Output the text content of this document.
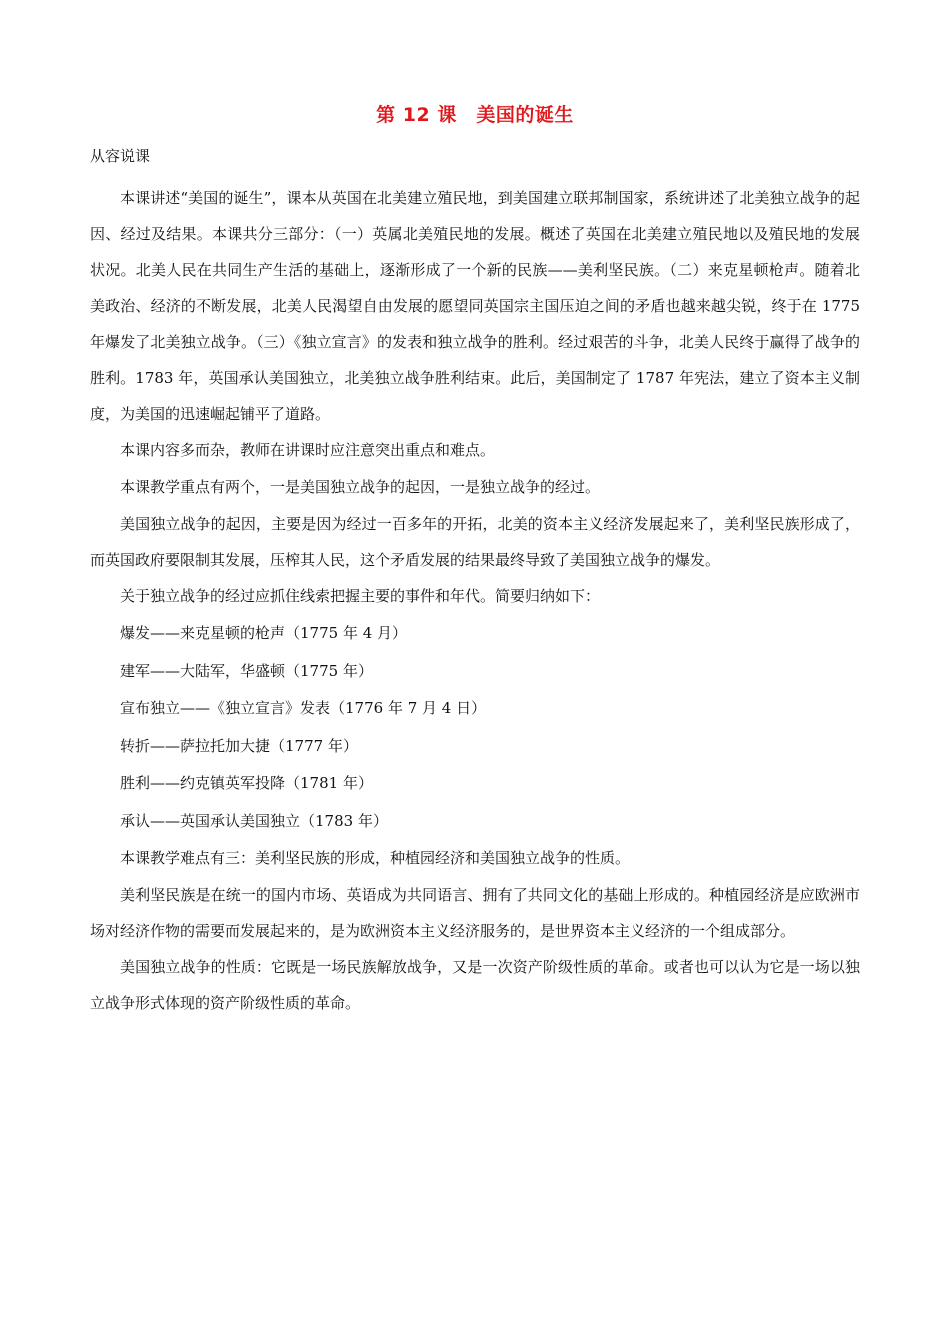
第 12 课　美国的诞生
从容说课

本课讲述“美国的诞生”，课本从英国在北美建立殖民地，到美国建立联邦制国家，系统讲述了北美独立战争的起因、经过及结果。本课共分三部分：（一）英属北美殖民地的发展。概述了英国在北美建立殖民地以及殖民地的发展状况。北美人民在共同生产生活的基础上，逐渐形成了一个新的民族——美利坚民族。（二）来克星顿枪声。随着北美政治、经济的不断发展，北美人民渴望自由发展的愿望同英国宗主国压迫之间的矛盾也越来越尖锐，终于在 1775 年爆发了北美独立战争。（三）《独立宣言》的发表和独立战争的胜利。经过艰苦的斗争，北美人民终于赢得了战争的胜利。1783 年，英国承认美国独立，北美独立战争胜利结束。此后，美国制定了 1787 年宪法，建立了资本主义制度，为美国的迅速崛起铺平了道路。

本课内容多而杂，教师在讲课时应注意突出重点和难点。

本课教学重点有两个，一是美国独立战争的起因，一是独立战争的经过。

美国独立战争的起因，主要是因为经过一百多年的开拓，北美的资本主义经济发展起来了，美利坚民族形成了，而英国政府要限制其发展，压榨其人民，这个矛盾发展的结果最终导致了美国独立战争的爆发。

关于独立战争的经过应抓住线索把握主要的事件和年代。简要归纳如下：

爆发——来克星顿的枪声（1775 年 4 月）

建军——大陆军，华盛顿（1775 年）

宣布独立——《独立宣言》发表（1776 年 7 月 4 日）

转折——萨拉托加大捷（1777 年）

胜利——约克镇英军投降（1781 年）

承认——英国承认美国独立（1783 年）

本课教学难点有三：美利坚民族的形成，种植园经济和美国独立战争的性质。

美利坚民族是在统一的国内市场、英语成为共同语言、拥有了共同文化的基础上形成的。种植园经济是应欧洲市场对经济作物的需要而发展起来的，是为欧洲资本主义经济服务的，是世界资本主义经济的一个组成部分。

美国独立战争的性质：它既是一场民族解放战争，又是一次资产阶级性质的革命。或者也可以认为它是一场以独立战争形式体现的资产阶级性质的革命。
